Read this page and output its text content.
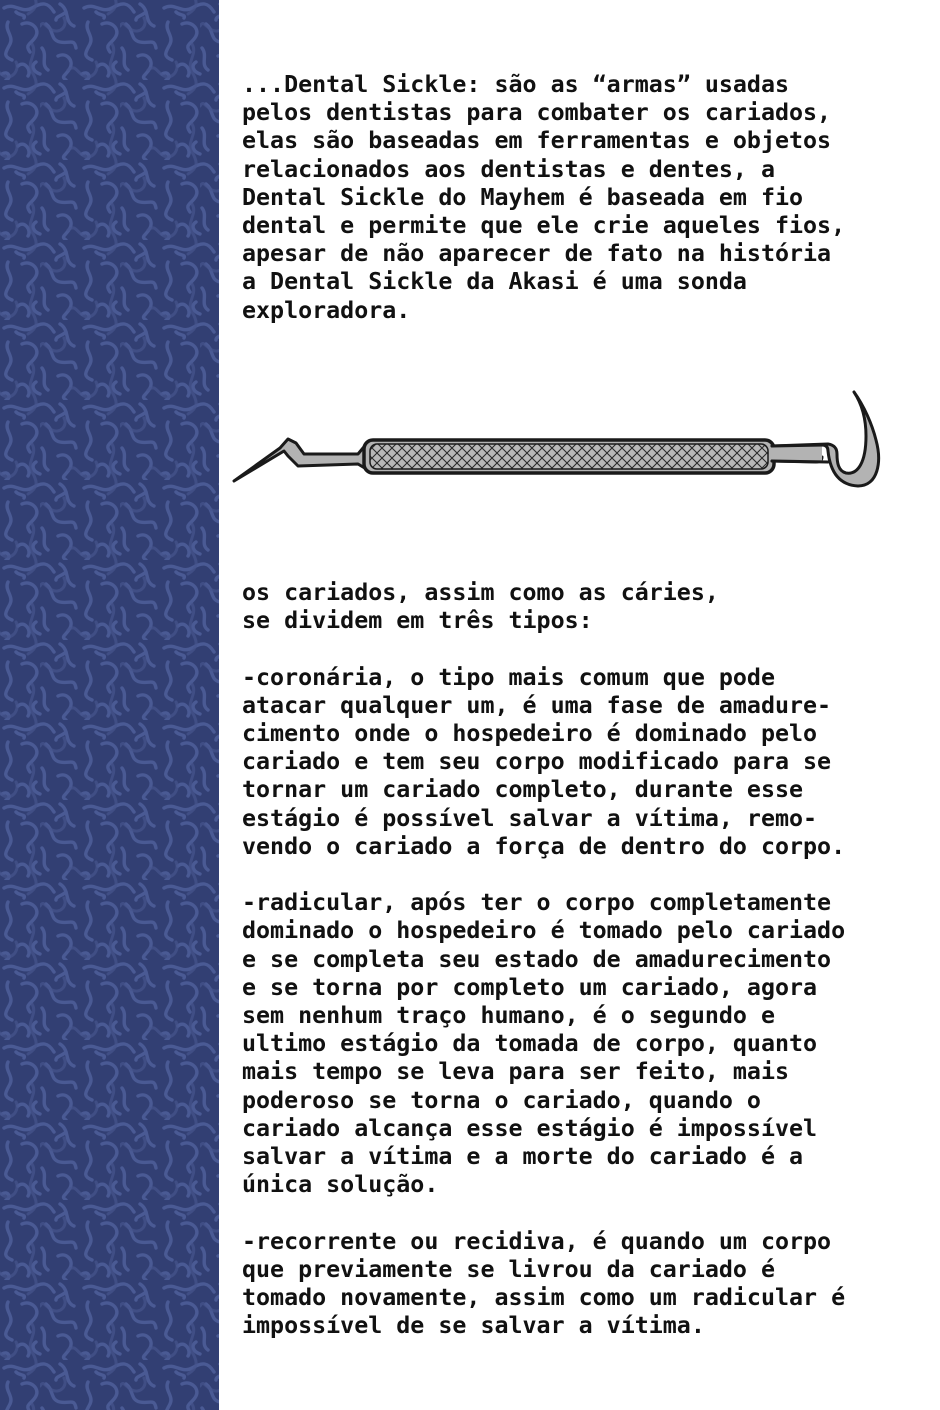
...Dental Sickle: são as “armas” usadas
pelos dentistas para combater os cariados,
elas são baseadas em ferramentas e objetos
relacionados aos dentistas e dentes, a
Dental Sickle do Mayhem é baseada em fio
dental e permite que ele crie aqueles fios,
apesar de não aparecer de fato na história
a Dental Sickle da Akasi é uma sonda
exploradora.

os cariados, assim como as cáries,
se dividem em três tipos:

-coronária, o tipo mais comum que pode
atacar qualquer um, é uma fase de amadure-
cimento onde o hospedeiro é dominado pelo
cariado e tem seu corpo modificado para se
tornar um cariado completo, durante esse
estágio é possível salvar a vítima, remo-
vendo o cariado a força de dentro do corpo.

-radicular, após ter o corpo completamente
dominado o hospedeiro é tomado pelo cariado
e se completa seu estado de amadurecimento
e se torna por completo um cariado, agora
sem nenhum traço humano, é o segundo e
ultimo estágio da tomada de corpo, quanto
mais tempo se leva para ser feito, mais
poderoso se torna o cariado, quando o
cariado alcança esse estágio é impossível
salvar a vítima e a morte do cariado é a
única solução.

-recorrente ou recidiva, é quando um corpo
que previamente se livrou da cariado é
tomado novamente, assim como um radicular é
impossível de se salvar a vítima.
